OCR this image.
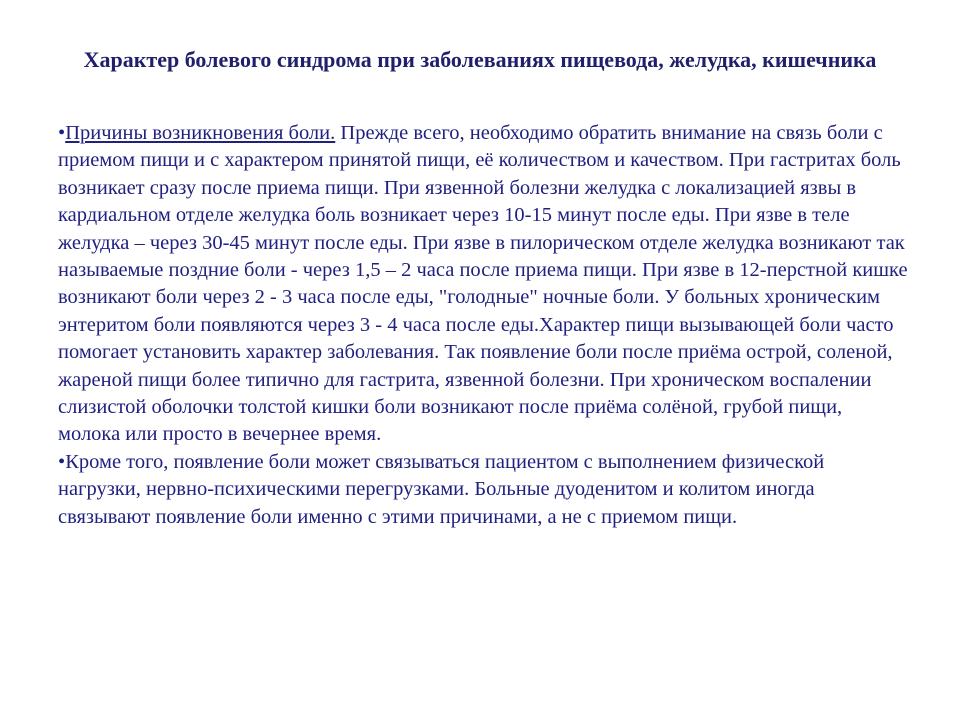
Характер болевого синдрома при заболеваниях пищевода, желудка, кишечника

•Причины возникновения боли. Прежде всего, необходимо обратить внимание на связь боли с приемом пищи и с характером принятой пищи, её количеством и качеством. При гастритах боль возникает сразу после приема пищи. При язвенной болезни желудка с локализацией язвы в кардиальном отделе желудка боль возникает через 10-15 минут после еды. При язве в теле желудка – через 30-45 минут после еды. При язве в пилорическом отделе желудка возникают так называемые поздние боли - через 1,5 – 2 часа после приема пищи. При язве в 12-перстной кишке возникают боли через 2 - 3 часа после еды, "голодные" ночные боли. У больных хроническим энтеритом боли появляются через 3 - 4 часа после еды.Характер пищи вызывающей боли часто помогает установить характер заболевания. Так появление боли после приёма острой, соленой, жареной пищи более типично для гастрита, язвенной болезни. При хроническом воспалении слизистой оболочки толстой кишки боли возникают после приёма солёной, грубой пищи, молока или просто в вечернее время.

•Кроме того, появление боли может связываться пациентом с выполнением физической нагрузки, нервно-психическими перегрузками. Больные дуоденитом и колитом иногда связывают появление боли именно с этими причинами, а не с приемом пищи.
